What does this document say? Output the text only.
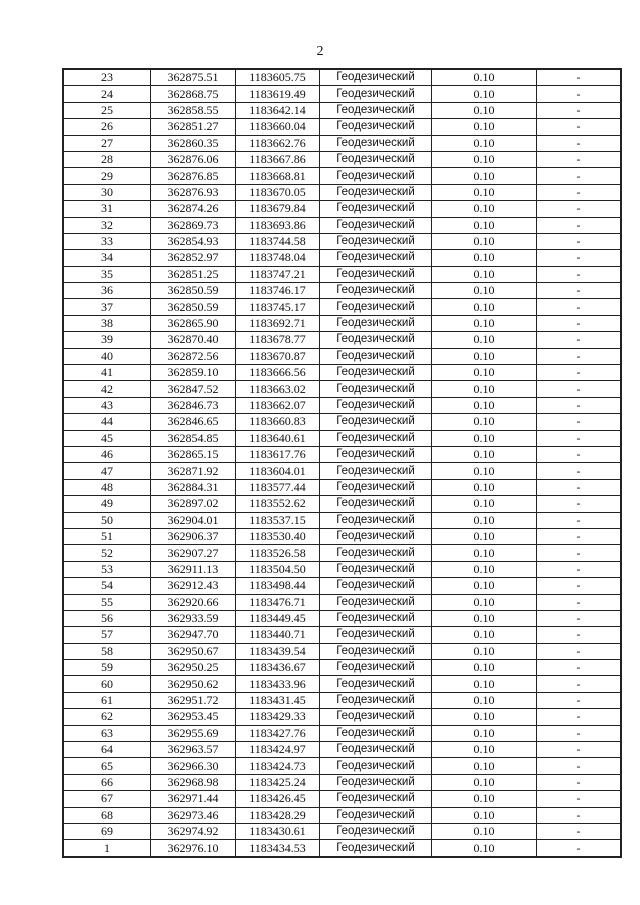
2
23	362875.51	1183605.75	Геодезический	0.10	-
24	362868.75	1183619.49	Геодезический	0.10	-
25	362858.55	1183642.14	Геодезический	0.10	-
26	362851.27	1183660.04	Геодезический	0.10	-
27	362860.35	1183662.76	Геодезический	0.10	-
28	362876.06	1183667.86	Геодезический	0.10	-
29	362876.85	1183668.81	Геодезический	0.10	-
30	362876.93	1183670.05	Геодезический	0.10	-
31	362874.26	1183679.84	Геодезический	0.10	-
32	362869.73	1183693.86	Геодезический	0.10	-
33	362854.93	1183744.58	Геодезический	0.10	-
34	362852.97	1183748.04	Геодезический	0.10	-
35	362851.25	1183747.21	Геодезический	0.10	-
36	362850.59	1183746.17	Геодезический	0.10	-
37	362850.59	1183745.17	Геодезический	0.10	-
38	362865.90	1183692.71	Геодезический	0.10	-
39	362870.40	1183678.77	Геодезический	0.10	-
40	362872.56	1183670.87	Геодезический	0.10	-
41	362859.10	1183666.56	Геодезический	0.10	-
42	362847.52	1183663.02	Геодезический	0.10	-
43	362846.73	1183662.07	Геодезический	0.10	-
44	362846.65	1183660.83	Геодезический	0.10	-
45	362854.85	1183640.61	Геодезический	0.10	-
46	362865.15	1183617.76	Геодезический	0.10	-
47	362871.92	1183604.01	Геодезический	0.10	-
48	362884.31	1183577.44	Геодезический	0.10	-
49	362897.02	1183552.62	Геодезический	0.10	-
50	362904.01	1183537.15	Геодезический	0.10	-
51	362906.37	1183530.40	Геодезический	0.10	-
52	362907.27	1183526.58	Геодезический	0.10	-
53	362911.13	1183504.50	Геодезический	0.10	-
54	362912.43	1183498.44	Геодезический	0.10	-
55	362920.66	1183476.71	Геодезический	0.10	-
56	362933.59	1183449.45	Геодезический	0.10	-
57	362947.70	1183440.71	Геодезический	0.10	-
58	362950.67	1183439.54	Геодезический	0.10	-
59	362950.25	1183436.67	Геодезический	0.10	-
60	362950.62	1183433.96	Геодезический	0.10	-
61	362951.72	1183431.45	Геодезический	0.10	-
62	362953.45	1183429.33	Геодезический	0.10	-
63	362955.69	1183427.76	Геодезический	0.10	-
64	362963.57	1183424.97	Геодезический	0.10	-
65	362966.30	1183424.73	Геодезический	0.10	-
66	362968.98	1183425.24	Геодезический	0.10	-
67	362971.44	1183426.45	Геодезический	0.10	-
68	362973.46	1183428.29	Геодезический	0.10	-
69	362974.92	1183430.61	Геодезический	0.10	-
1	362976.10	1183434.53	Геодезический	0.10	-
